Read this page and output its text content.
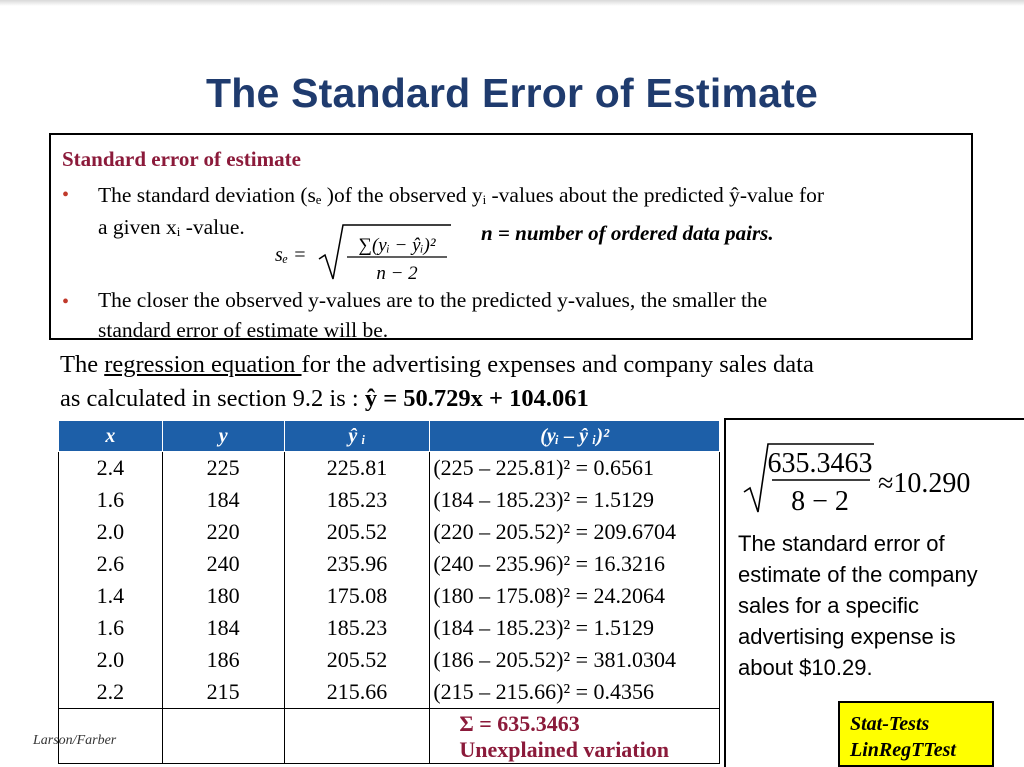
The Standard Error of Estimate
Standard error of estimate
• The standard deviation (sₑ )of the observed yᵢ -values about the predicted ŷ-value for
a given xᵢ -value.
sₑ =	∑(yᵢ − ŷᵢ)²
n − 2
n = number of ordered data pairs.
• The closer the observed y-values are to the predicted y-values, the smaller the
standard error of estimate will be.
The regression equation for the advertising expenses and company sales data
as calculated in section 9.2 is : ŷ = 50.729x + 104.061
x	y	ŷ ᵢ	(yᵢ – ŷ ᵢ)²
2.4	225	225.81	(225 – 225.81)² = 0.6561
1.6	184	185.23	(184 – 185.23)² = 1.5129
2.0	220	205.52	(220 – 205.52)² = 209.6704
2.6	240	235.96	(240 – 235.96)² = 16.3216
1.4	180	175.08	(180 – 175.08)² = 24.2064
1.6	184	185.23	(184 – 185.23)² = 1.5129
2.0	186	205.52	(186 – 205.52)² = 381.0304
2.2	215	215.66	(215 – 215.66)² = 0.4356

			Σ = 635.3463
Unexplained variation
635.3463
8 − 2
≈10.290
The standard error of estimate of the company sales for a specific advertising expense is about $10.29.
Stat-Tests
LinRegTTest
Larson/Farber
